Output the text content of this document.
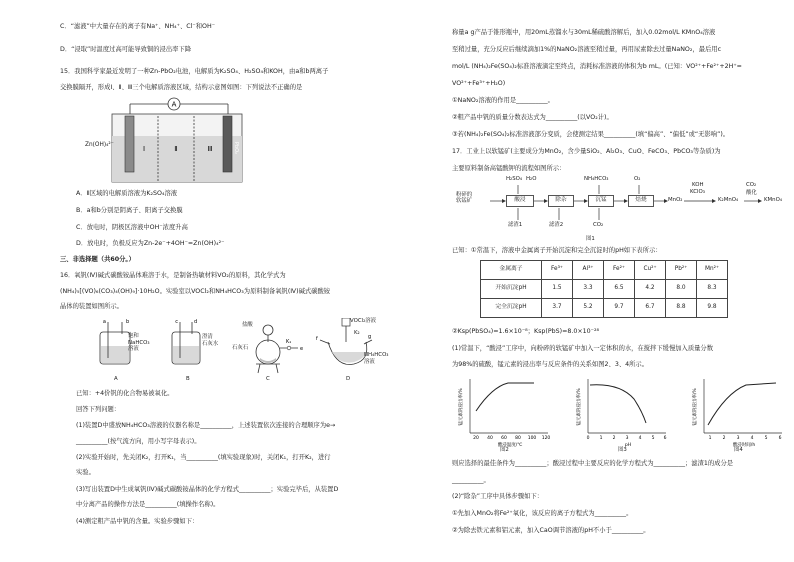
C．“滤液”中大量存在的离子有Na⁺、NH₄⁺、Cl⁻和OH⁻
D．“浸取”时温度过高可能导致铜的浸出率下降
15．我国科学家最近发明了一种Zn-PbO₂电池，电解质为K₂SO₄、H₂SO₄和KOH，由a和b两离子
交换膜隔开，形成Ⅰ、Ⅱ、Ⅲ三个电解质溶液区域，结构示意图如图：下列说法不正确的是
A
Ⅰ	Ⅱ	Ⅲ	PbO₂
Zn(OH)₄²⁻
A．Ⅱ区域的电解质溶液为K₂SO₄溶液
B．a和b分别是阴离子、阳离子交换膜
C．放电时，阴极区溶液中OH⁻浓度升高
D．放电时，负极反应为Zn-2e⁻+4OH⁻=Zn(OH)₄²⁻
三、非选择题（共60分。）
16．氧钒(Ⅳ)碱式碳酸铵晶体难溶于水，是制备热敏材料VO₂的原料，其化学式为
(NH₄)₅[(VO)₆(CO₃)₄(OH)₉]·10H₂O。实验室以VOCl₂和NH₄HCO₃为原料制备氧钒(Ⅳ)碱式碳酸铵
晶体的装置如图所示。
a	b	c	d
K₁
e
f	g
饱和
NaHCO₃
溶液
澄清
石灰水
盐酸
石灰石
VOCl₂溶液
K₂
NH₄HCO₃
溶液
A	B	C	D
已知：+4价钒的化合物易被氧化。
回答下列问题：
(1)装置D中盛放NH₄HCO₃溶液的仪器名称是__________，上述装置依次连接的合理顺序为e→
__________(按气流方向，用小写字母表示)。
(2)实验开始时，先关闭K₂，打开K₁，当__________(填实验现象)时，关闭K₁，打开K₂，进行
实验。
(3)写出装置D中生成氧钒(Ⅳ)碱式碳酸铵晶体的化学方程式__________；实验完毕后，从装置D
中分离产品的操作方法是__________(填操作名称)。
(4)测定粗产品中钒的含量。实验步骤如下：
称量a g产品于锥形瓶中，用20mL蒸馏水与30mL稀硫酸溶解后，加入0.02mol/L KMnO₄溶液
至稍过量，充分反应后继续滴加1%的NaNO₂溶液至稍过量，再用尿素除去过量NaNO₂，最后用c
mol/L (NH₄)₂Fe(SO₄)₂标准溶液滴定至终点，消耗标准溶液的体积为b mL。(已知：VO²⁺+Fe²⁺+2H⁺=
VO²⁺+Fe³⁺+H₂O)
①NaNO₂溶液的作用是__________。
②粗产品中钒的质量分数表达式为__________(以VO₂计)。
③若(NH₄)₂Fe(SO₄)₂标准溶液部分变质，会使测定结果__________(填“偏高”、“偏低”或“无影响”)。
17．工业上以软锰矿(主要成分为MnO₂，含少量SiO₂、Al₂O₃、CuO、FeCO₃、PbCO₃等杂质)为
主要原料制备高锰酸钾的流程如图所示：
粉碎的
软锰矿
H₂SO₄ H₂O	NH₄HCO₃	O₂
KOH
KClO₃
CO₂
酸化
酸浸	除杂	沉锰	焙烧	MnO₂	K₂MnO₄	KMnO₄
滤渣1	滤渣2	CO₂
图1
已知：①常温下，溶液中金属离子开始沉淀和完全沉淀时的pH如下表所示：
金属离子	Fe³⁺	Al³⁺	Fe²⁺	Cu²⁺	Pb²⁺	Mn²⁺
开始沉淀pH	1.5	3.3	6.5	4.2	8.0	8.3
完全沉淀pH	3.7	5.2	9.7	6.7	8.8	9.8
②Ksp(PbSO₄)=1.6×10⁻⁸；Ksp(PbS)=8.0×10⁻²⁸
(1)常温下，“酸浸”工序中，向粉碎的软锰矿中加入一定体积的水，在搅拌下缓慢加入质量分数
为98%的硫酸，锰元素的浸出率与反应条件的关系如图2、3、4所示。
20 40 60 80 100 120
酸浸温度/℃
锰元素的浸出率/%
图2
0 1 2 3 4 5 6
pH
锰元素的浸出率/%
图3
1 2 3 4 5 6
酸浸时间/h
锰元素的浸出率/%
图4
则应选择的最佳条件为__________；酸浸过程中主要反应的化学方程式为__________；滤渣1的成分是
__________。
(2)“除杂”工序中具体步骤如下：
①先加入MnO₂将Fe²⁺氧化，该反应的离子方程式为__________。
②为除去铁元素和铝元素，加入CaO调节溶液的pH不小于__________。
